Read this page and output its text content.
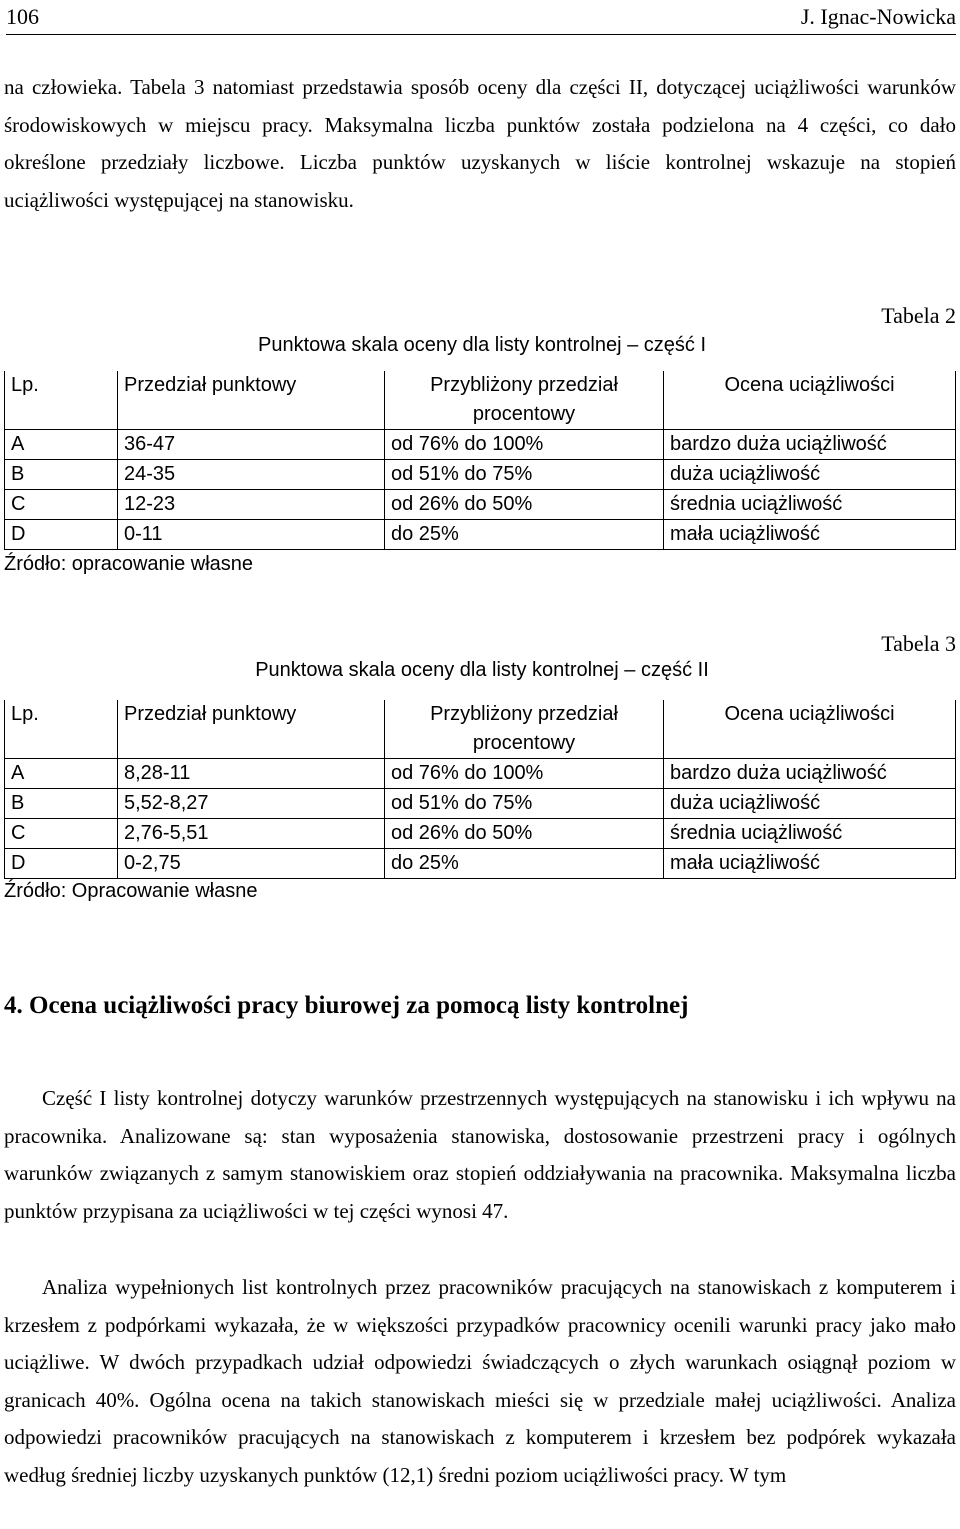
106	J. Ignac-Nowicka

na człowieka. Tabela 3 natomiast przedstawia sposób oceny dla części II, dotyczącej uciążliwości warunków środowiskowych w miejscu pracy. Maksymalna liczba punktów została podzielona na 4 części, co dało określone przedziały liczbowe. Liczba punktów uzyskanych w liście kontrolnej wskazuje na stopień uciążliwości występującej na stanowisku.

Tabela 2
Punktowa skala oceny dla listy kontrolnej – część I
Lp.	Przedział punktowy	Przybliżony przedział procentowy	Ocena uciążliwości
A	36-47	od 76% do 100%	bardzo duża uciążliwość
B	24-35	od 51% do 75%	duża uciążliwość
C	12-23	od 26% do 50%	średnia uciążliwość
D	0-11	do 25%	mała uciążliwość
Źródło: opracowanie własne
Tabela 3
Punktowa skala oceny dla listy kontrolnej – część II
Lp.	Przedział punktowy	Przybliżony przedział procentowy	Ocena uciążliwości
A	8,28-11	od 76% do 100%	bardzo duża uciążliwość
B	5,52-8,27	od 51% do 75%	duża uciążliwość
C	2,76-5,51	od 26% do 50%	średnia uciążliwość
D	0-2,75	do 25%	mała uciążliwość
Źródło: Opracowanie własne
4. Ocena uciążliwości pracy biurowej za pomocą listy kontrolnej

Część I listy kontrolnej dotyczy warunków przestrzennych występujących na stanowisku i ich wpływu na pracownika. Analizowane są: stan wyposażenia stanowiska, dostosowanie przestrzeni pracy i ogólnych warunków związanych z samym stanowiskiem oraz stopień oddziaływania na pracownika. Maksymalna liczba punktów przypisana za uciążliwości w tej części wynosi 47.

Analiza wypełnionych list kontrolnych przez pracowników pracujących na stanowiskach z komputerem i krzesłem z podpórkami wykazała, że w większości przypadków pracownicy ocenili warunki pracy jako mało uciążliwe. W dwóch przypadkach udział odpowiedzi świadczących o złych warunkach osiągnął poziom w granicach 40%. Ogólna ocena na takich stanowiskach mieści się w przedziale małej uciążliwości. Analiza odpowiedzi pracowników pracujących na stanowiskach z komputerem i krzesłem bez podpórek wykazała według średniej liczby uzyskanych punktów (12,1) średni poziom uciążliwości pracy. W tym
